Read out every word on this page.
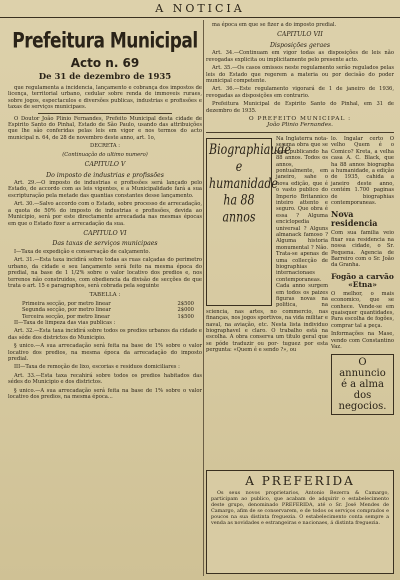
A NOTICIA
Prefeitura Municipal
Acto n. 69
De 31 de dezembro de 1935

que regulamenta a incidencia, lançamento e cobrança dos impostos de licença, territorial urbano, cedular sobre renda de immoveis ruraes, sobre jogos, espectaculos e diversões publicas, industrias e profissões e taxas de serviços municipaes.

O Doutor João Plinio Fernandes, Prefeito Municipal desta cidade de Espirito Santo do Pinhal, Estado de São Paulo, usando das attribuições que lhe são conferidas pelas leis em vigor e nos termos do acto municipal n. 64, de 28 de novembro deste anno, art. 1o,

DECRETA :

(Continuação do ultimo numero)

CAPITULO V
Do imposto de industrias e profissões

Art. 29.—O imposto de industrias e profissões será lançado pelo Estado, de accordo com as leis vigentes, e a Municipalidade fará a sua escripturação pela metade das quantias constantes desse lançamento.

Art. 30.—Salvo accordo com o Estado, sobre processo de arrecadação, a quota de 50% do imposto de industrias e profissões, devida ao Municipio, será por este directamente arrecadada nas mesmas épocas em que o Estado fizer a arrecadação da sua.

CAPITULO VI
Das taxas de serviços municipaes

I—Taxa de expedição e conservação de calçamento.

Art. 31.—Esta taxa incidirá sobre todas as ruas calçadas do perimetro urbano, da cidade e seu lançamento será feito na mesma época do predial, na base de 1 1/2% sobre o valor locativo dos predios e, nos terrenos não construidos, com obediencia da divisão de secções de que trata o art. 15 e paragraphos, será cobrada pela seguinte

TABELLA :
Primeira secção, por metro linear	2$500
Segunda secção, por metro linear	2$000
Terceira secção, por metro linear	1$500

II—Taxa de limpeza das vias publicas :

Art. 32.—Esta taxa incidirá sobre todos os predios urbanos da cidade e das séde dos districtos do Municipio.

§ unico.—A sua arrecadação será feita na base de 1% sobre o valor locativo dos predios, na mesma época da arrecadação do imposto predial.

III—Taxa de remoção de lixo, escorias e residuos domiciliares :

Art. 33.—Esta taxa recahirá sobre todos os predios habitados das sédes do Municipio e dos districtos.

§ unico.—A sua arrecadação será feita na base de 1% sobre o valor locativo dos predios, na mesma época...

ma época em que se fizer a do imposto predial.

CAPITULO VII
Disposições geraes

Art. 34.—Continuam em vigor todas as disposições de leis não revogadas explicita ou implicitamente pelo presente acto.

Art. 35.—Os casos omissos neste regulamento serão regulados pelas leis do Estado que regerem a materia ou por decisão do poder municipal competente.

Art. 36.—Este regulamento vigorará de 1 de janeiro de 1936, revogadas as disposições em contrario.

Prefeitura Municipal de Espirito Santo do Pinhal, em 31 de dezembro de 1935.

O PREFEITO MUNICIPAL :
João Plinio Fernandes.
Biographiaude e humanidade ha 88 annos

Na Inglaterra nota-se uma obra que se vem publicando ha 88 annos. Todos os annos, pontualmente, em janeiro, sahe o nova edição, que é o vasto publico do Imperio Britannico inteiro attento e seguro. Que obra é essa ? Alguma enciclopedia universal ? Alguns almanack famoso ? Alguma historia monumental ? Não. Trata-se apenas de uma collecção de biographias internacionaes contemporaneas. Cada anno surgem em todos os paizes figuras novas na politica, na sciencia, nas artes, no commercio, nas finanças, nos jogos sportivos, na vida militar e naval, na aviação, etc. Nesta lista individuo biographavel e claro. O trabalho está na escolha. A obra conserva um titulo geral que se póde traduzir ou por- tuguez por esta pergunta: «Quem é e sendo ?», ou

lo. Ingalar certo O velho Quem é o Comico? Kreta, a velha casa A. C. Black, que ha 88 annos biographa a humanidade, a edição de 1935, cahida a janeiro deste anno, contém 1.700 paginas de biographias contemporaneas.

Nova residencia

Com sua familia veio fixar sua residencia na nossa cidade, o Sr. Pequena. Agencia de Barreiro com o Sr. João da Granha.

Fogão a carvão «Etna»

O melhor, o mais economico, que se conhece. Vende-se em quaisquer quantidades, Para escolha de fogões, comprar tal a peça.

Informações na Mase, vendo com Constantino Vaz.

O annuncio é a alma dos negocios.
A PREFERIDA

Os seus novos proprietarios, Antonio Bezerra & Camargo, participam ao publico, que acabam de adquirir o estabelecimento deste grupo, denominado PREFERIDA, até o Sr. José Mendes de Camargo, afim de se conservarem, e de todos os serviços comprados e poucos na sua distinta freguezia. O estabelecimento conta sempre a venda as novidades e estrangeiras e nacionaes, á distinta freguezia.
